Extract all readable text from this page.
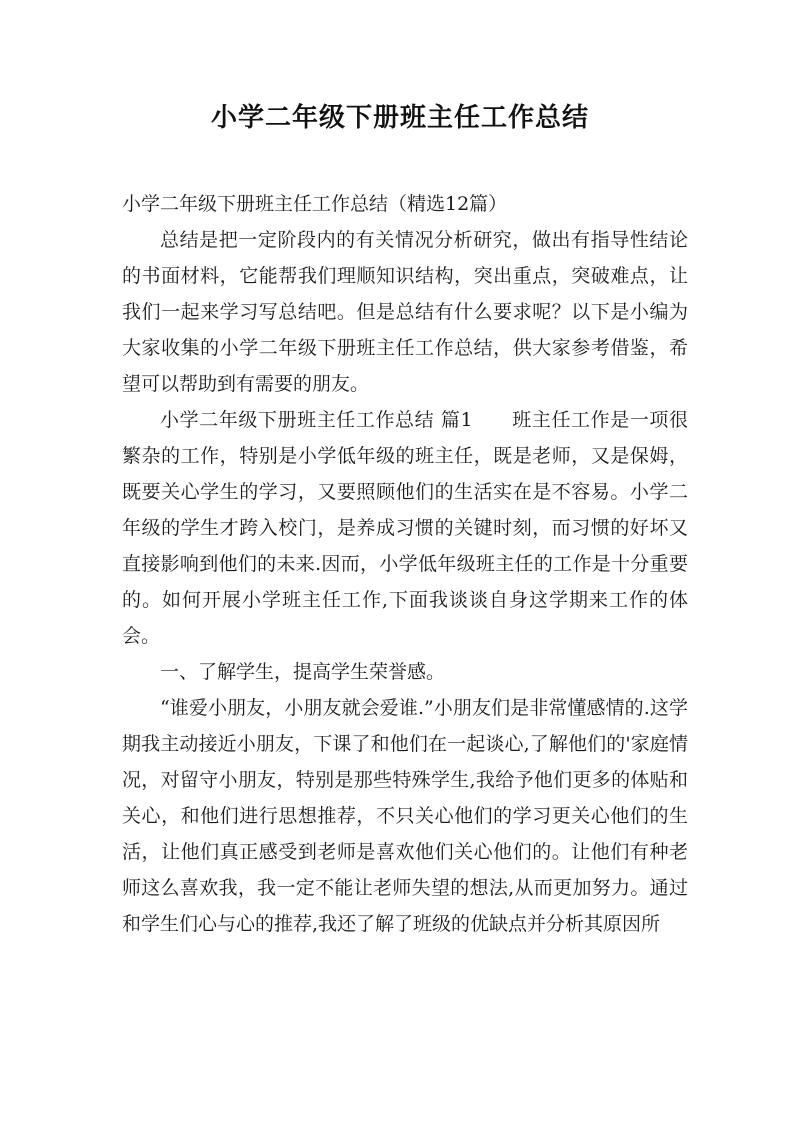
小学二年级下册班主任工作总结

小学二年级下册班主任工作总结（精选12篇）

总结是把一定阶段内的有关情况分析研究，做出有指导性结论的书面材料，它能帮我们理顺知识结构，突出重点，突破难点，让我们一起来学习写总结吧。但是总结有什么要求呢？以下是小编为大家收集的小学二年级下册班主任工作总结，供大家参考借鉴，希望可以帮助到有需要的朋友。

小学二年级下册班主任工作总结 篇1　　班主任工作是一项很繁杂的工作，特别是小学低年级的班主任，既是老师，又是保姆，既要关心学生的学习，又要照顾他们的生活实在是不容易。小学二年级的学生才跨入校门，是养成习惯的关键时刻，而习惯的好坏又直接影响到他们的未来.因而，小学低年级班主任的工作是十分重要的。如何开展小学班主任工作,下面我谈谈自身这学期来工作的体会。

一、了解学生，提高学生荣誉感。

“谁爱小朋友，小朋友就会爱谁.”小朋友们是非常懂感情的.这学期我主动接近小朋友，下课了和他们在一起谈心,了解他们的'家庭情况，对留守小朋友，特别是那些特殊学生,我给予他们更多的体贴和关心，和他们进行思想推荐，不只关心他们的学习更关心他们的生活，让他们真正感受到老师是喜欢他们关心他们的。让他们有种老师这么喜欢我，我一定不能让老师失望的想法,从而更加努力。通过和学生们心与心的推荐,我还了解了班级的优缺点并分析其原因所
